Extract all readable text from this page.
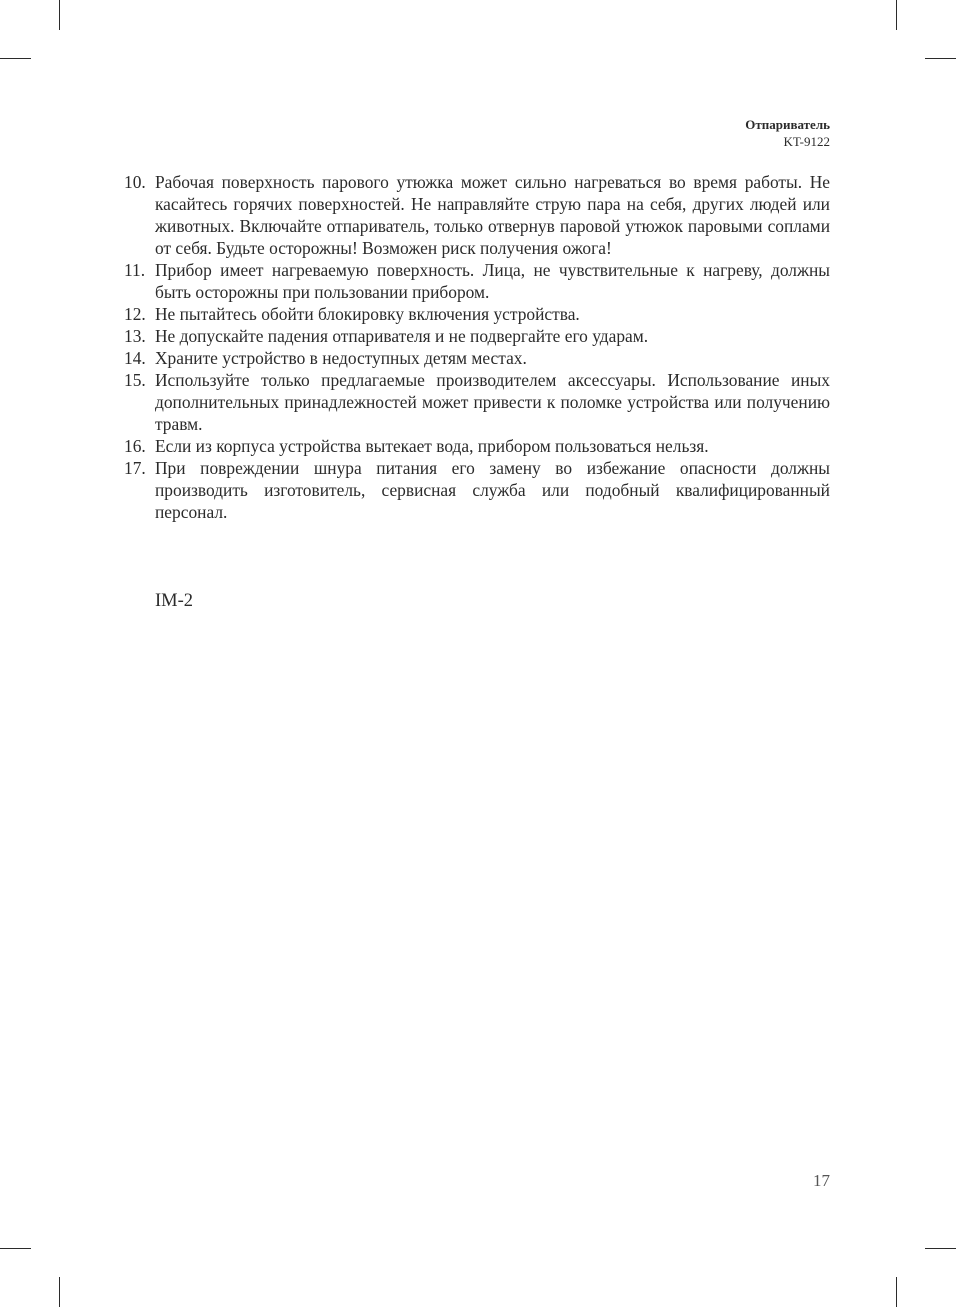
Отпариватель
KT-9122
10. Рабочая поверхность парового утюжка может сильно нагреваться во время работы. Не касайтесь горячих поверхностей. Не направляйте струю пара на себя, других людей или животных. Включайте отпариватель, только отвернув паровой утюжок паровыми соплами от себя. Будьте осторожны! Возможен риск получения ожога!
11. Прибор имеет нагреваемую поверхность. Лица, не чувствительные к нагреву, должны быть осторожны при пользовании прибором.
12. Не пытайтесь обойти блокировку включения устройства.
13. Не допускайте падения отпаривателя и не подвергайте его ударам.
14. Храните устройство в недоступных детям местах.
15. Используйте только предлагаемые производителем аксессуары. Использование иных дополнительных принадлежностей может привести к поломке устройства или получению травм.
16. Если из корпуса устройства вытекает вода, прибором пользоваться нельзя.
17. При повреждении шнура питания его замену во избежание опасности должны производить изготовитель, сервисная служба или подобный квалифицированный персонал.
IM-2
17
